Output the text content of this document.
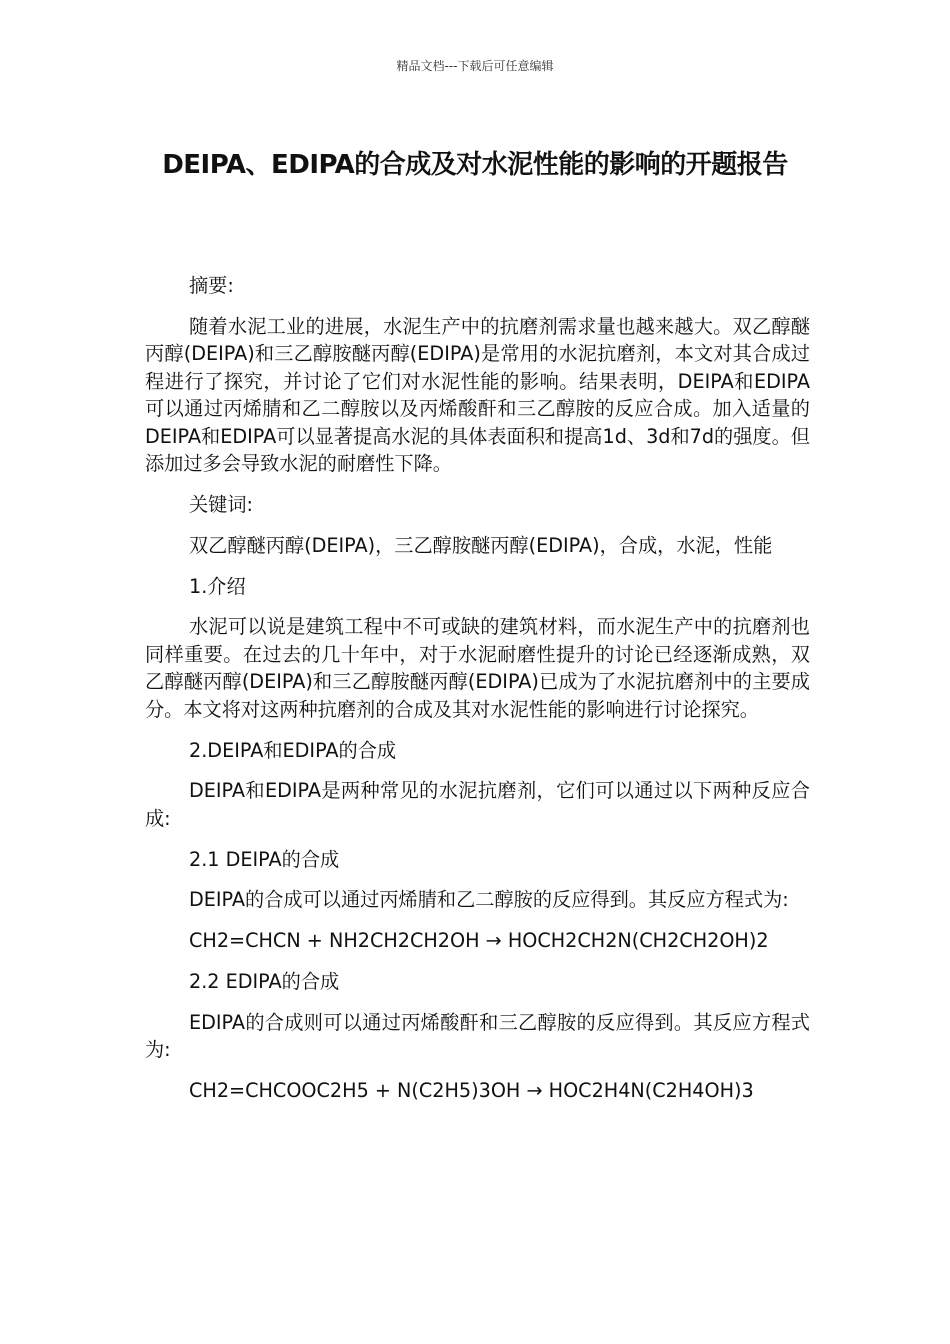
精品文档---下载后可任意编辑
DEIPA、EDIPA的合成及对水泥性能的影响的开题报告

摘要:

随着水泥工业的进展，水泥生产中的抗磨剂需求量也越来越大。双乙醇醚丙醇(DEIPA)和三乙醇胺醚丙醇(EDIPA)是常用的水泥抗磨剂，本文对其合成过程进行了探究，并讨论了它们对水泥性能的影响。结果表明，DEIPA和EDIPA可以通过丙烯腈和乙二醇胺以及丙烯酸酐和三乙醇胺的反应合成。加入适量的DEIPA和EDIPA可以显著提高水泥的具体表面积和提高1d、3d和7d的强度。但添加过多会导致水泥的耐磨性下降。

关键词:

双乙醇醚丙醇(DEIPA)，三乙醇胺醚丙醇(EDIPA)，合成，水泥，性能

1.介绍

水泥可以说是建筑工程中不可或缺的建筑材料，而水泥生产中的抗磨剂也同样重要。在过去的几十年中，对于水泥耐磨性提升的讨论已经逐渐成熟，双乙醇醚丙醇(DEIPA)和三乙醇胺醚丙醇(EDIPA)已成为了水泥抗磨剂中的主要成分。本文将对这两种抗磨剂的合成及其对水泥性能的影响进行讨论探究。

2.DEIPA和EDIPA的合成

DEIPA和EDIPA是两种常见的水泥抗磨剂，它们可以通过以下两种反应合成:

2.1 DEIPA的合成

DEIPA的合成可以通过丙烯腈和乙二醇胺的反应得到。其反应方程式为:

CH2=CHCN + NH2CH2CH2OH → HOCH2CH2N(CH2CH2OH)2

2.2 EDIPA的合成

EDIPA的合成则可以通过丙烯酸酐和三乙醇胺的反应得到。其反应方程式为:

CH2=CHCOOC2H5 + N(C2H5)3OH → HOC2H4N(C2H4OH)3
